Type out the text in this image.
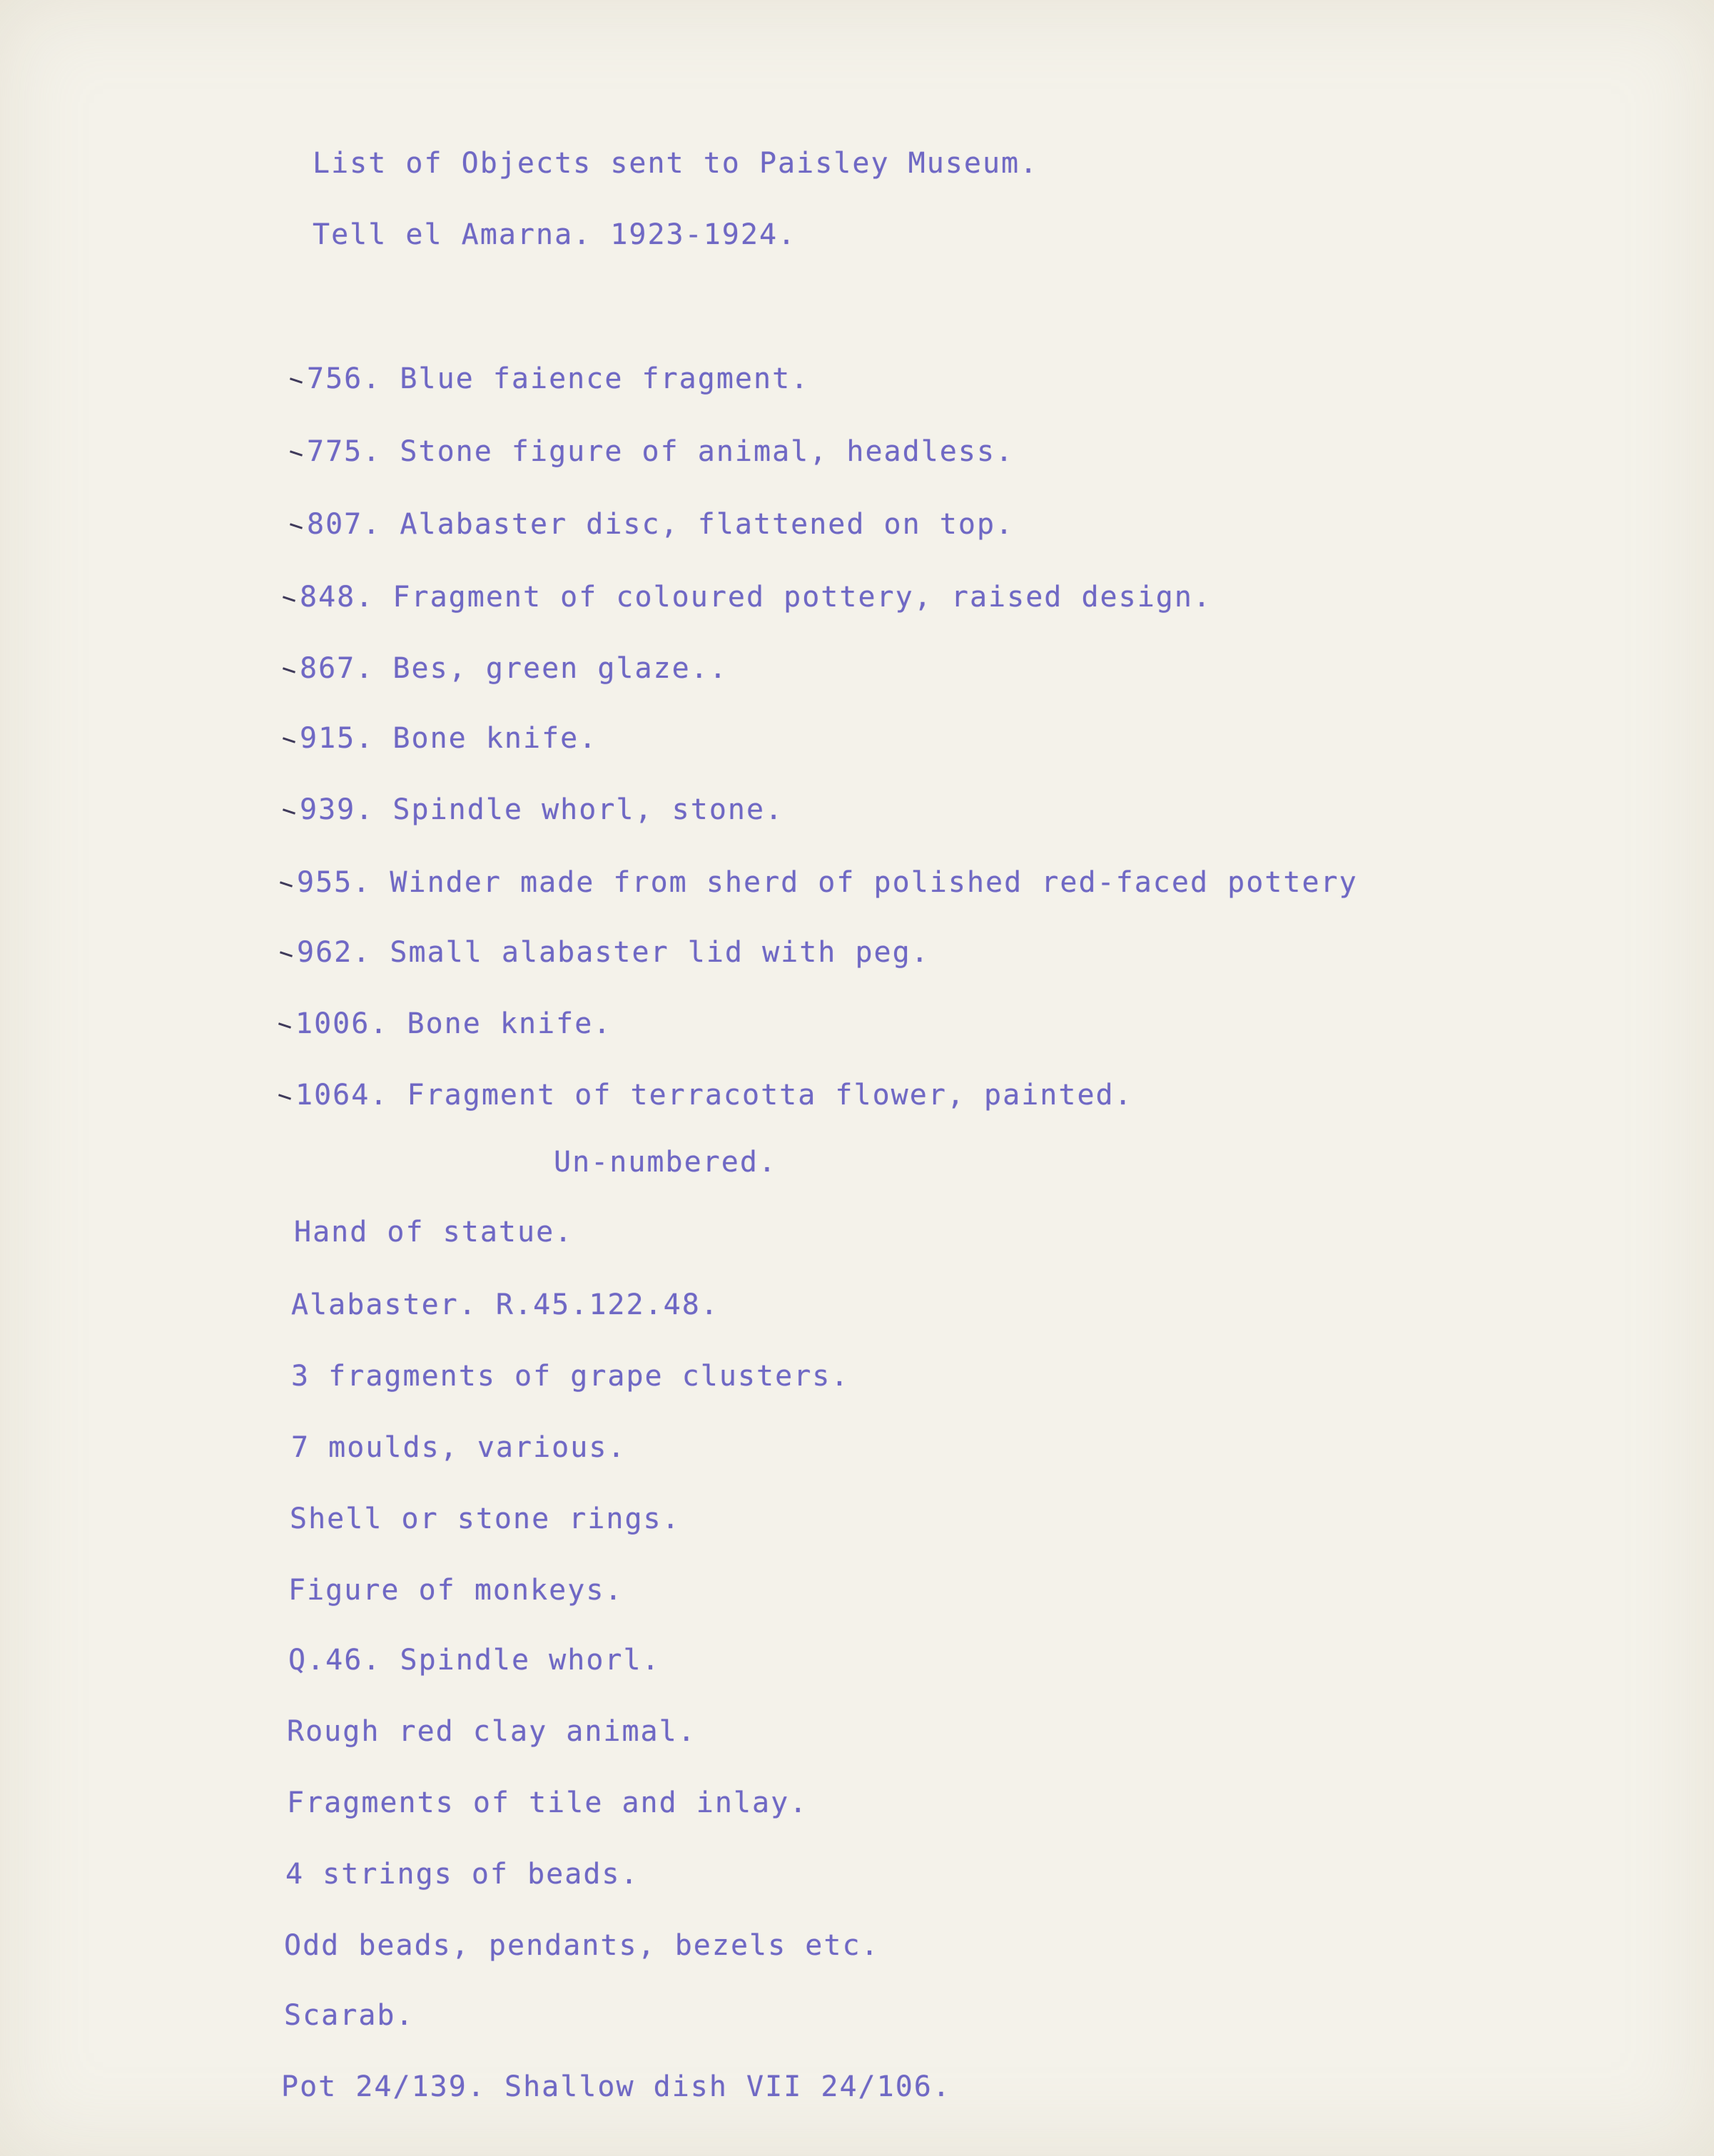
List of Objects sent to Paisley Museum.
Tell el Amarna. 1923-1924.
756. Blue faience fragment.
775. Stone figure of animal, headless.
807. Alabaster disc, flattened on top.
848. Fragment of coloured pottery, raised design.
867. Bes, green glaze..
915. Bone knife.
939. Spindle whorl, stone.
955. Winder made from sherd of polished red-faced pottery
962. Small alabaster lid with peg.
1006. Bone knife.
1064. Fragment of terracotta flower, painted.
Un-numbered.
Hand of statue.
Alabaster. R.45.122.48.
3 fragments of grape clusters.
7 moulds, various.
Shell or stone rings.
Figure of monkeys.
Q.46. Spindle whorl.
Rough red clay animal.
Fragments of tile and inlay.
4 strings of beads.
Odd beads, pendants, bezels etc.
Scarab.
Pot 24/139. Shallow dish VII 24/106.
